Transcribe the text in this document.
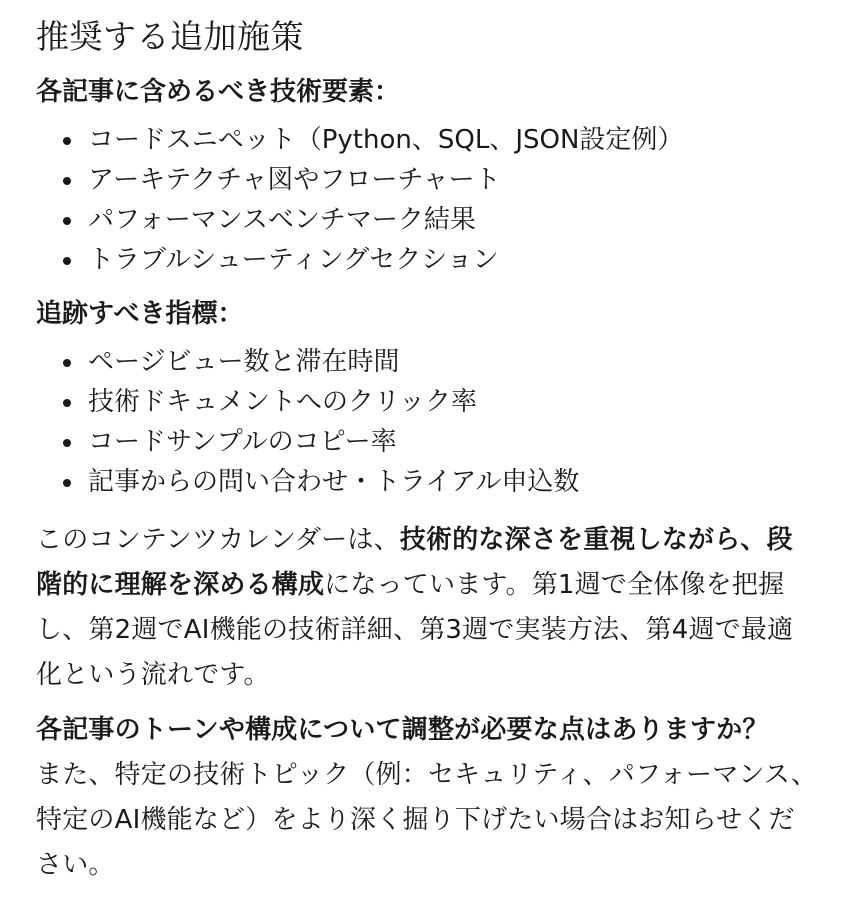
推奨する追加施策
各記事に含めるべき技術要素：
コードスニペット（Python、SQL、JSON設定例）
アーキテクチャ図やフローチャート
パフォーマンスベンチマーク結果
トラブルシューティングセクション
追跡すべき指標：
ページビュー数と滞在時間
技術ドキュメントへのクリック率
コードサンプルのコピー率
記事からの問い合わせ・トライアル申込数

このコンテンツカレンダーは、技術的な深さを重視しながら、段階的に理解を深める構成になっています。第1週で全体像を把握し、第2週でAI機能の技術詳細、第3週で実装方法、第4週で最適化という流れです。

各記事のトーンや構成について調整が必要な点はありますか？
また、特定の技術トピック（例：セキュリティ、パフォーマンス、特定のAI機能など）をより深く掘り下げたい場合はお知らせください。
